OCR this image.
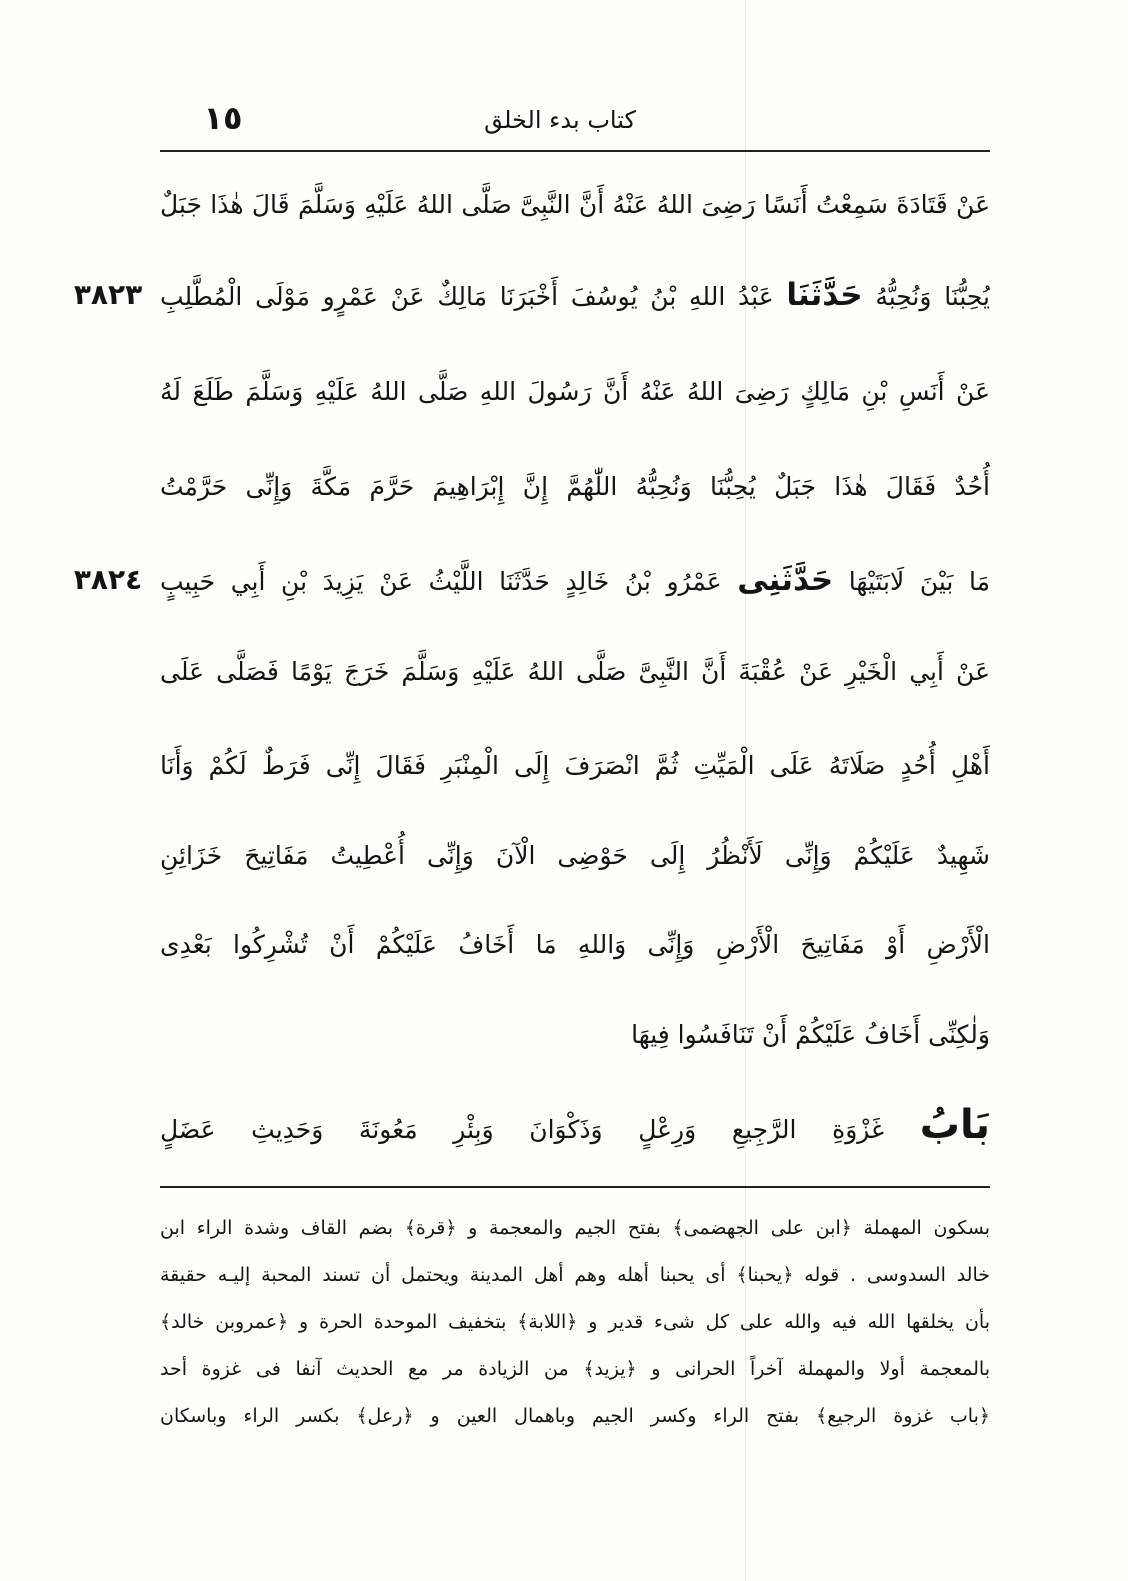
١٥	كتاب بدء الخلق
عَنْ قَتَادَةَ سَمِعْتُ أَنَسًا رَضِىَ اللهُ عَنْهُ أَنَّ النَّبِىَّ صَلَّى اللهُ عَلَيْهِ وَسَلَّمَ قَالَ هٰذَا جَبَلٌ
يُحِبُّنَا وَنُحِبُّهُ حَدَّثَنَا عَبْدُ اللهِ بْنُ يُوسُفَ أَخْبَرَنَا مَالِكٌ عَنْ عَمْرٍو مَوْلَى الْمُطَّلِبِ
٣٨٢٣
عَنْ أَنَسِ بْنِ مَالِكٍ رَضِىَ اللهُ عَنْهُ أَنَّ رَسُولَ اللهِ صَلَّى اللهُ عَلَيْهِ وَسَلَّمَ طَلَعَ لَهُ
أُحُدٌ فَقَالَ هٰذَا جَبَلٌ يُحِبُّنَا وَنُحِبُّهُ اللّٰهُمَّ إِنَّ إِبْرَاهِيمَ حَرَّمَ مَكَّةَ وَإِنِّى حَرَّمْتُ
مَا بَيْنَ لَابَتَيْهَا حَدَّثَنِى عَمْرُو بْنُ خَالِدٍ حَدَّثَنَا اللَّيْثُ عَنْ يَزِيدَ بْنِ أَبِي حَبِيبٍ
٣٨٢٤
عَنْ أَبِي الْخَيْرِ عَنْ عُقْبَةَ أَنَّ النَّبِىَّ صَلَّى اللهُ عَلَيْهِ وَسَلَّمَ خَرَجَ يَوْمًا فَصَلَّى عَلَى
أَهْلِ أُحُدٍ صَلَاتَهُ عَلَى الْمَيِّتِ ثُمَّ انْصَرَفَ إِلَى الْمِنْبَرِ فَقَالَ إِنِّى فَرَطٌ لَكُمْ وَأَنَا
شَهِيدٌ عَلَيْكُمْ وَإِنِّى لَأَنْظُرُ إِلَى حَوْضِى الْآنَ وَإِنِّى أُعْطِيتُ مَفَاتِيحَ خَزَائِنِ
الْأَرْضِ أَوْ مَفَاتِيحَ الْأَرْضِ وَإِنِّى وَاللهِ مَا أَخَافُ عَلَيْكُمْ أَنْ تُشْرِكُوا بَعْدِى
وَلٰكِنِّى أَخَافُ عَلَيْكُمْ أَنْ تَنَافَسُوا فِيهَا
بَابُ غَزْوَةِ الرَّجِيعِ وَرِعْلٍ وَذَكْوَانَ وَبِئْرِ مَعُونَةَ وَحَدِيثِ عَضَلٍ
بسكون المهملة ﴿ابن على الجهضمى﴾ بفتح الجيم والمعجمة و ﴿قرة﴾ بضم القاف وشدة الراء ابن
خالد السدوسى . قوله ﴿يحبنا﴾ أى يحبنا أهله وهم أهل المدينة ويحتمل أن تسند المحبة إليـه حقيقة
بأن يخلقها الله فيه والله على كل شىء قدير و ﴿اللابة﴾ بتخفيف الموحدة الحرة و ﴿عمروبن خالد﴾
بالمعجمة أولا والمهملة آخراً الحرانى و ﴿يزيد﴾ من الزيادة مر مع الحديث آنفا فى غزوة أحد
﴿باب غزوة الرجيع﴾ بفتح الراء وكسر الجيم وباهمال العين و ﴿رعل﴾ بكسر الراء وباسكان
